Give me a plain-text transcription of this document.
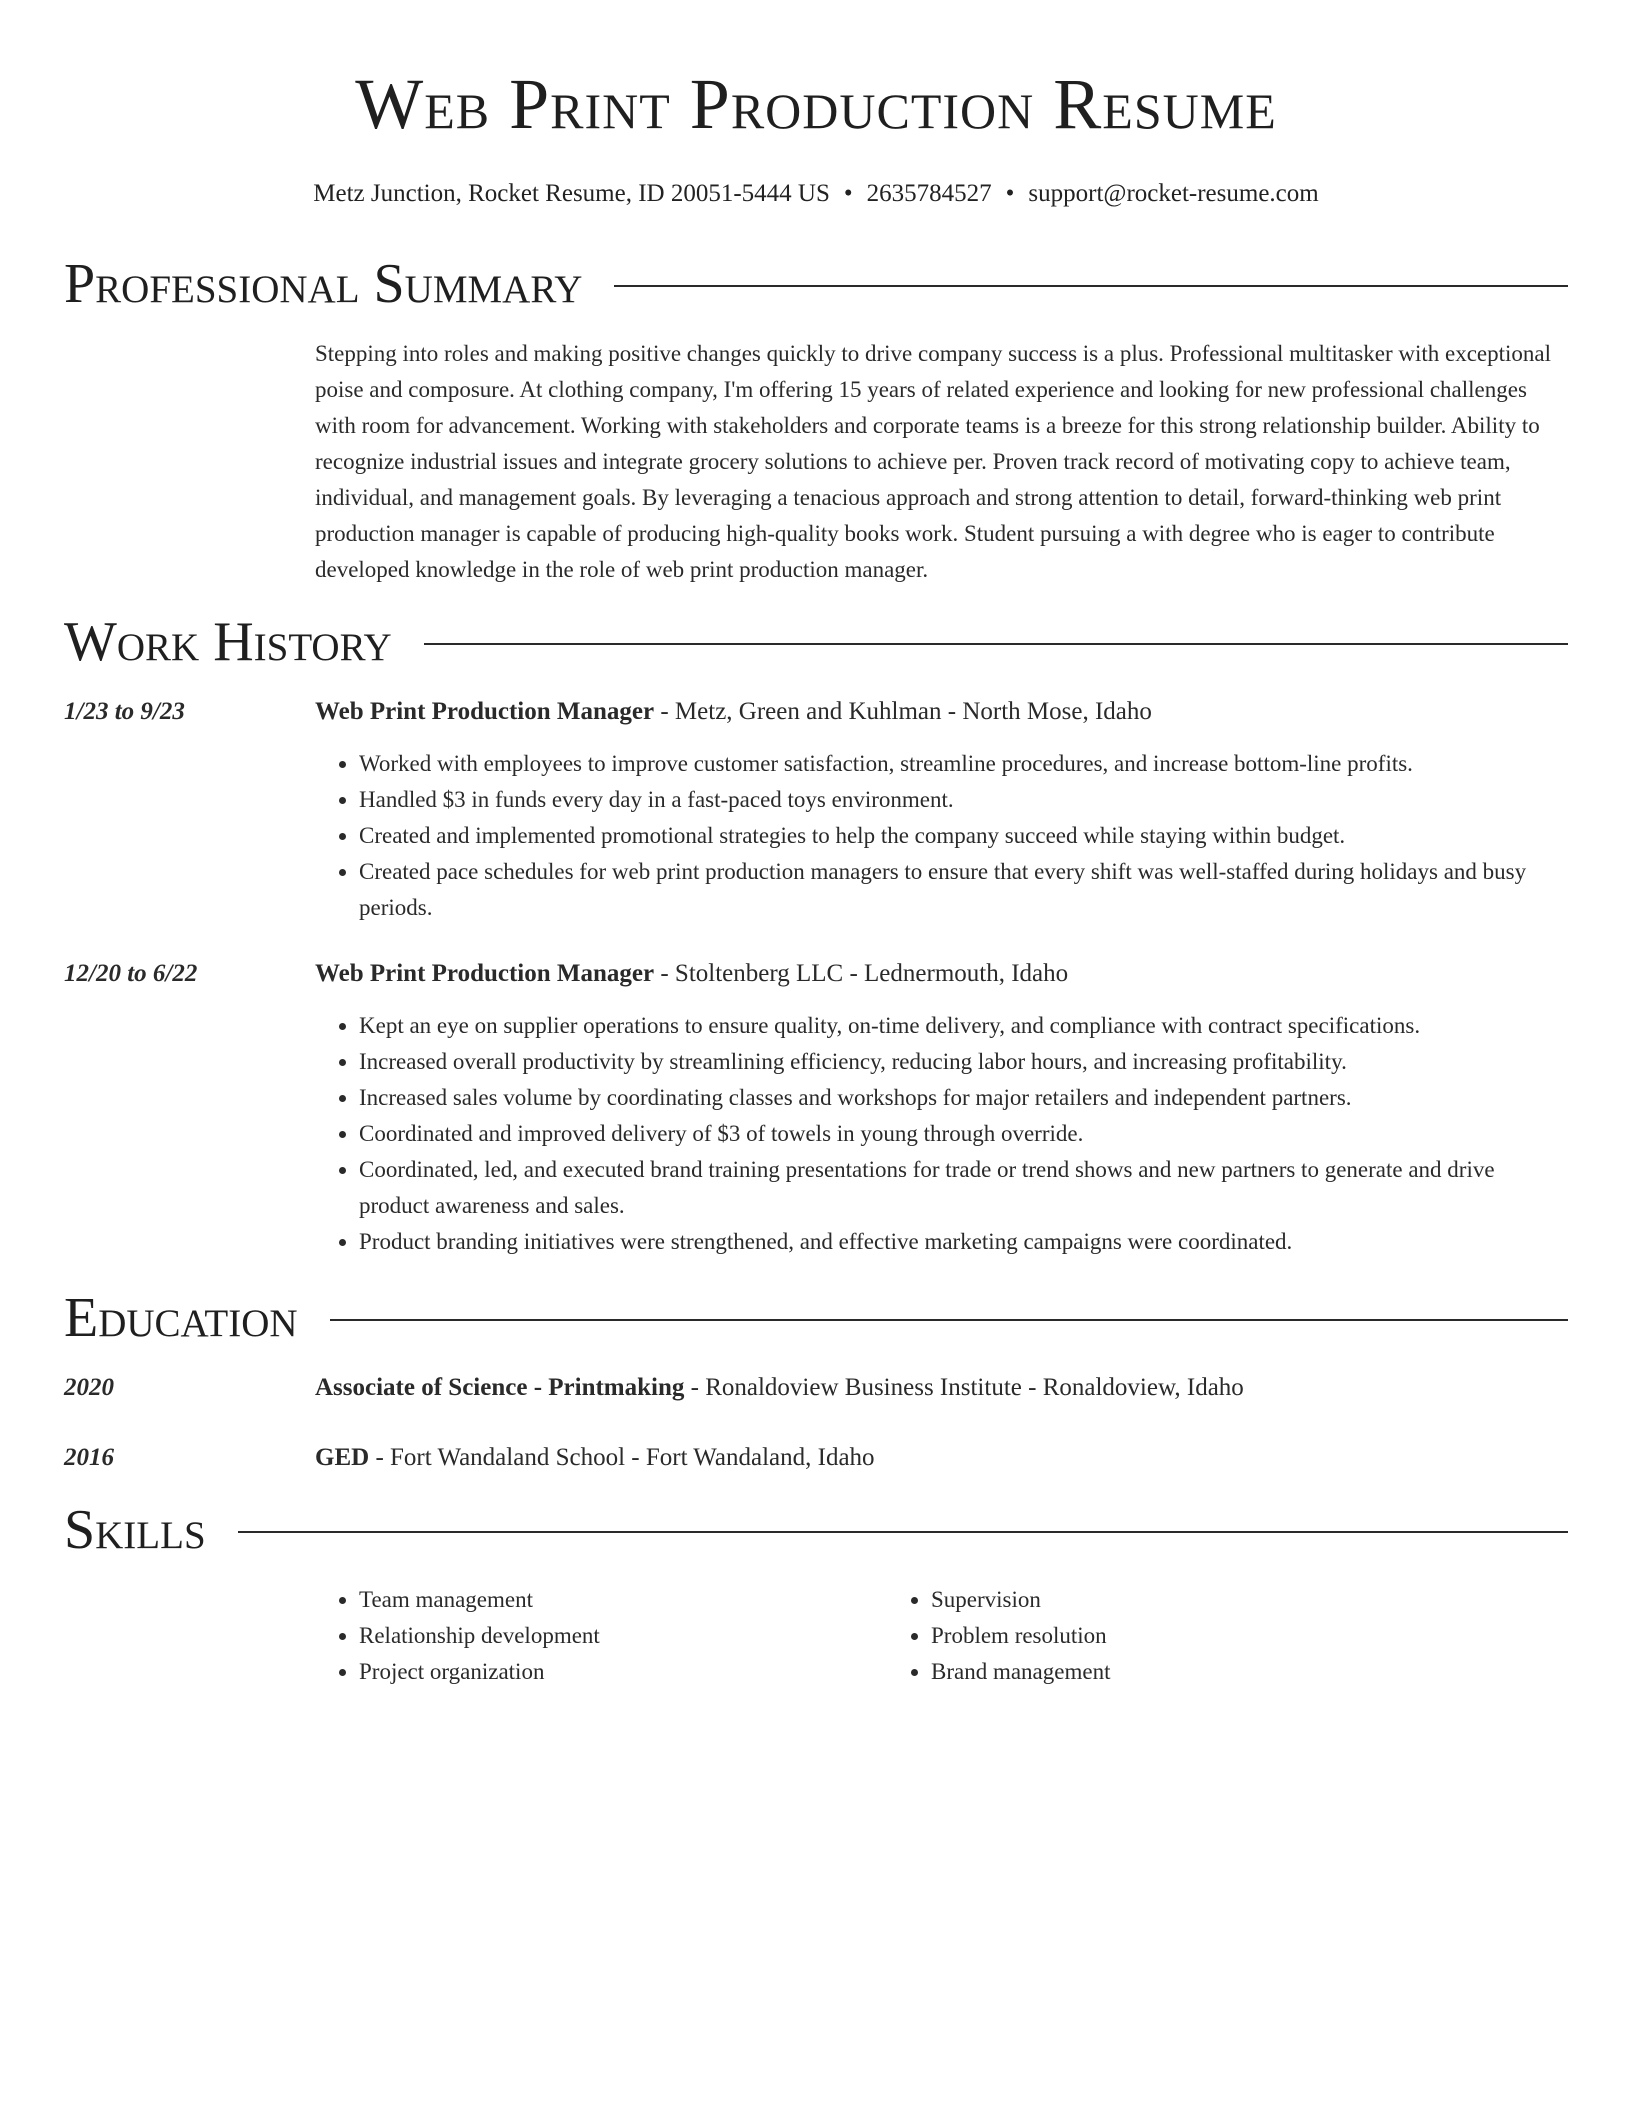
Web Print Production Resume
Metz Junction, Rocket Resume, ID 20051-5444 US • 2635784527 • support@rocket-resume.com
Professional Summary
Stepping into roles and making positive changes quickly to drive company success is a plus. Professional multitasker with exceptional poise and composure. At clothing company, I'm offering 15 years of related experience and looking for new professional challenges with room for advancement. Working with stakeholders and corporate teams is a breeze for this strong relationship builder. Ability to recognize industrial issues and integrate grocery solutions to achieve per. Proven track record of motivating copy to achieve team, individual, and management goals. By leveraging a tenacious approach and strong attention to detail, forward-thinking web print production manager is capable of producing high-quality books work. Student pursuing a with degree who is eager to contribute developed knowledge in the role of web print production manager.
Work History
1/23 to 9/23	Web Print Production Manager - Metz, Green and Kuhlman - North Mose, Idaho
• Worked with employees to improve customer satisfaction, streamline procedures, and increase bottom-line profits.
• Handled $3 in funds every day in a fast-paced toys environment.
• Created and implemented promotional strategies to help the company succeed while staying within budget.
• Created pace schedules for web print production managers to ensure that every shift was well-staffed during holidays and busy periods.
12/20 to 6/22	Web Print Production Manager - Stoltenberg LLC - Lednermouth, Idaho
• Kept an eye on supplier operations to ensure quality, on-time delivery, and compliance with contract specifications.
• Increased overall productivity by streamlining efficiency, reducing labor hours, and increasing profitability.
• Increased sales volume by coordinating classes and workshops for major retailers and independent partners.
• Coordinated and improved delivery of $3 of towels in young through override.
• Coordinated, led, and executed brand training presentations for trade or trend shows and new partners to generate and drive product awareness and sales.
• Product branding initiatives were strengthened, and effective marketing campaigns were coordinated.
Education
2020	Associate of Science - Printmaking - Ronaldoview Business Institute - Ronaldoview, Idaho
2016	GED - Fort Wandaland School - Fort Wandaland, Idaho
Skills
• Team management
• Relationship development
• Project organization
• Supervision
• Problem resolution
• Brand management
